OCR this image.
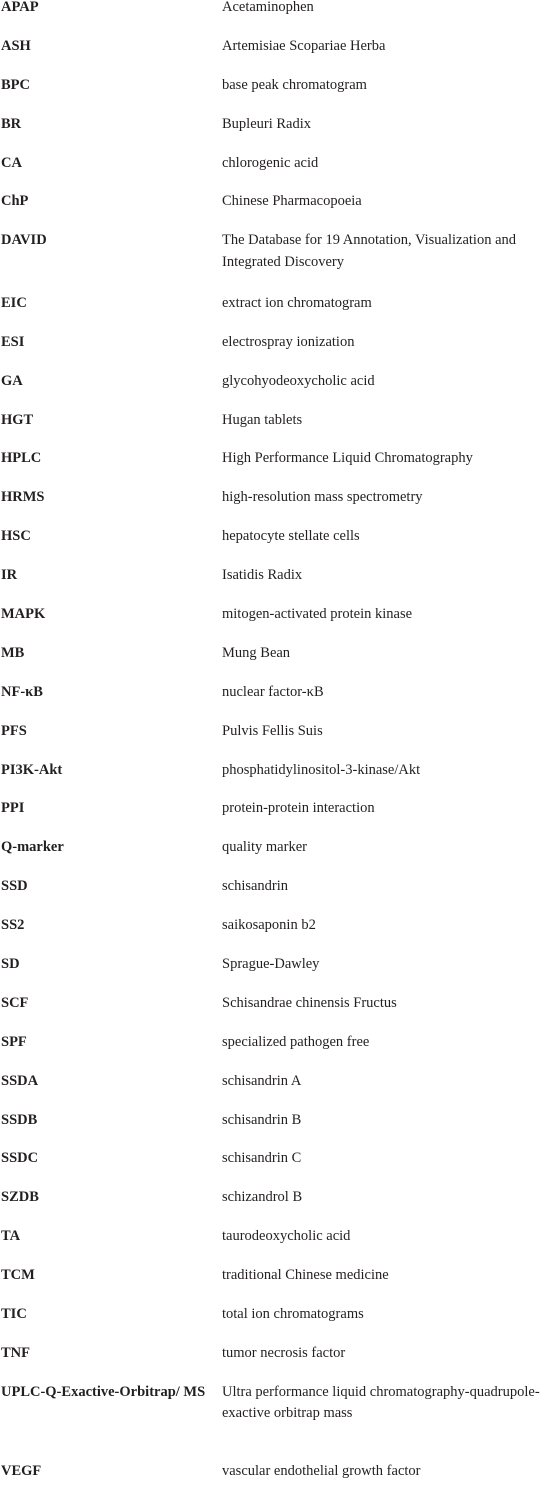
APAP	Acetaminophen
ASH	Artemisiae Scopariae Herba
BPC	base peak chromatogram
BR	Bupleuri Radix
CA	chlorogenic acid
ChP	Chinese Pharmacopoeia
DAVID	The Database for 19 Annotation, Visualization and Integrated Discovery
EIC	extract ion chromatogram
ESI	electrospray ionization
GA	glycohyodeoxycholic acid
HGT	Hugan tablets
HPLC	High Performance Liquid Chromatography
HRMS	high-resolution mass spectrometry
HSC	hepatocyte stellate cells
IR	Isatidis Radix
MAPK	mitogen-activated protein kinase
MB	Mung Bean
NF-κB	nuclear factor-κB
PFS	Pulvis Fellis Suis
PI3K-Akt	phosphatidylinositol-3-kinase/Akt
PPI	protein-protein interaction
Q-marker	quality marker
SSD	schisandrin
SS2	saikosaponin b2
SD	Sprague-Dawley
SCF	Schisandrae chinensis Fructus
SPF	specialized pathogen free
SSDA	schisandrin A
SSDB	schisandrin B
SSDC	schisandrin C
SZDB	schizandrol B
TA	taurodeoxycholic acid
TCM	traditional Chinese medicine
TIC	total ion chromatograms
TNF	tumor necrosis factor
UPLC-Q-Exactive-Orbitrap/ MS	Ultra performance liquid chromatography-quadrupole-exactive orbitrap mass
VEGF	vascular endothelial growth factor
